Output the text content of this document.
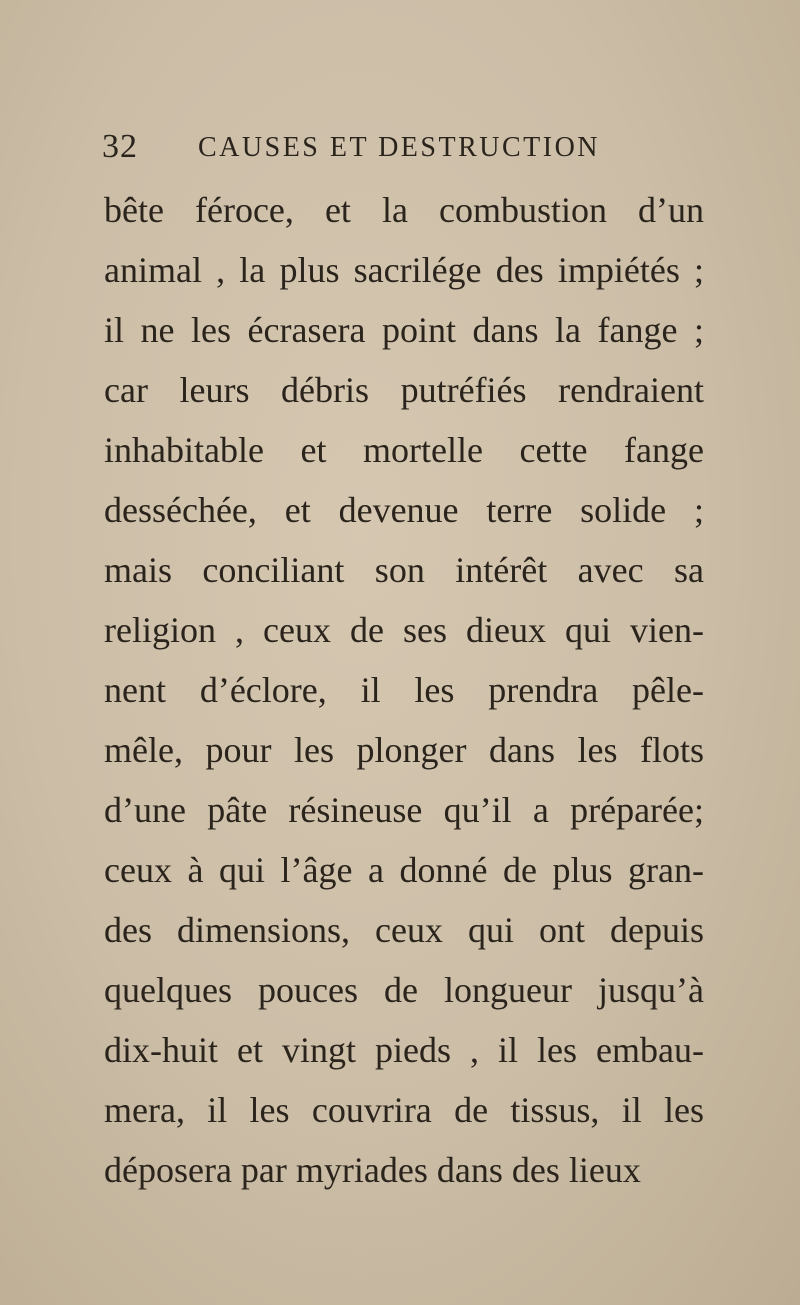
32 CAUSES ET DESTRUCTION
bête féroce, et la combustion d’un
animal , la plus sacrilége des impiétés ;
il ne les écrasera point dans la fange ;
car leurs débris putréfiés rendraient
inhabitable et mortelle cette fange
desséchée, et devenue terre solide ;
mais conciliant son intérêt avec sa
religion , ceux de ses dieux qui vien-
nent d’éclore, il les prendra pêle-
mêle, pour les plonger dans les flots
d’une pâte résineuse qu’il a préparée;
ceux à qui l’âge a donné de plus gran-
des dimensions, ceux qui ont depuis
quelques pouces de longueur jusqu’à
dix-huit et vingt pieds , il les embau-
mera, il les couvrira de tissus, il les
déposera par myriades dans des lieux
